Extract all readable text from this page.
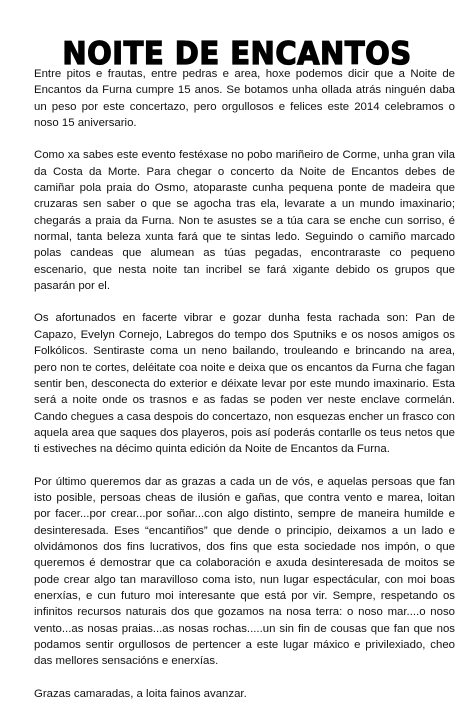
NOITE DE ENCANTOS

Entre pitos e frautas, entre pedras e area, hoxe podemos dicir que a Noite de Encantos da Furna cumpre 15 anos. Se botamos unha ollada atrás ninguén daba un peso por este concertazo, pero orgullosos e felices este 2014 celebramos o noso 15 aniversario.

Como xa sabes este evento festéxase no pobo mariñeiro de Corme, unha gran vila da Costa da Morte. Para chegar o concerto da Noite de Encantos debes de camiñar pola praia do Osmo, atoparaste cunha pequena ponte de madeira que cruzaras sen saber o que se agocha tras ela, levarate a un mundo imaxinario; chegarás a praia da Furna. Non te asustes se a túa cara se enche cun sorriso, é normal, tanta beleza xunta fará que te sintas ledo. Seguindo o camiño marcado polas candeas que alumean as túas pegadas, encontraraste co pequeno escenario, que nesta noite tan incribel se fará xigante debido os grupos que pasarán por el.

Os afortunados en facerte vibrar e gozar dunha festa rachada son: Pan de Capazo, Evelyn Cornejo, Labregos do tempo dos Sputniks e os nosos amigos os Folkólicos. Sentiraste coma un neno bailando, trouleando e brincando na area, pero non te cortes, deléitate coa noite e deixa que os encantos da Furna che fagan sentir ben, desconecta do exterior e déixate levar por este mundo imaxinario. Esta será a noite onde os trasnos e as fadas se poden ver neste enclave cormelán. Cando chegues a casa despois do concertazo, non esquezas encher un frasco con aquela area que saques dos playeros, pois así poderás contarlle os teus netos que ti estiveches na décimo quinta edición da Noite de Encantos da Furna.

Por último queremos dar as grazas a cada un de vós, e aquelas persoas que fan isto posible, persoas cheas de ilusión e gañas, que contra vento e marea, loitan por facer...por crear...por soñar...con algo distinto, sempre de maneira humilde e desinteresada. Eses “encantiños” que dende o principio, deixamos a un lado e olvidámonos dos fins lucrativos, dos fins que esta sociedade nos impón, o que queremos é demostrar que ca colaboración e axuda desinteresada de moitos se pode crear algo tan maravilloso coma isto, nun lugar espectácular, con moi boas enerxías, e cun futuro moi interesante que está por vir. Sempre, respetando os infinitos recursos naturais dos que gozamos na nosa terra: o noso mar....o noso vento...as nosas praias...as nosas rochas.....un sin fin de cousas que fan que nos podamos sentir orgullosos de pertencer a este lugar máxico e privilexiado, cheo das mellores sensacións e enerxías.

Grazas camaradas, a loita fainos avanzar.
